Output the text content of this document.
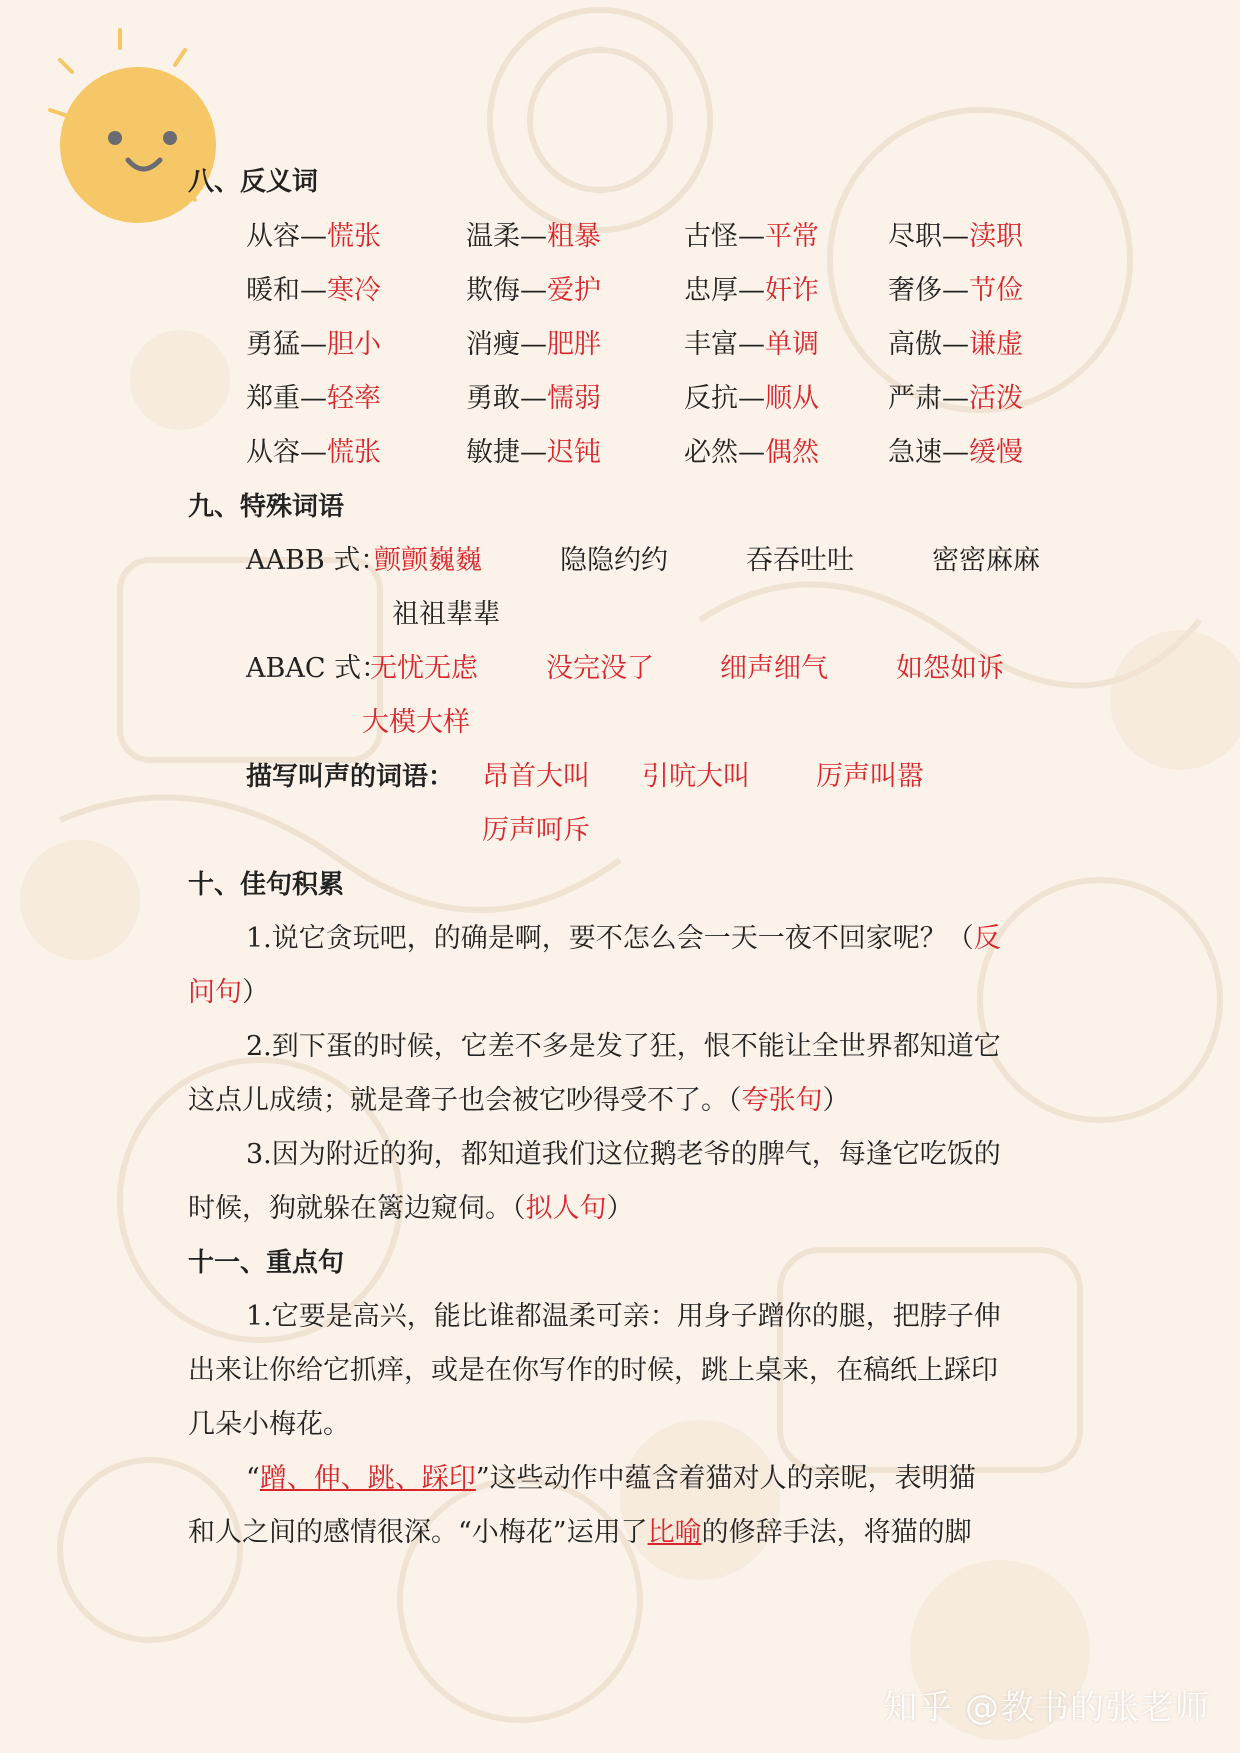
八、反义词
从容—慌张	温柔—粗暴	古怪—平常	尽职—渎职
暖和—寒冷	欺侮—爱护	忠厚—奸诈	奢侈—节俭
勇猛—胆小	消瘦—肥胖	丰富—单调	高傲—谦虚
郑重—轻率	勇敢—懦弱	反抗—顺从	严肃—活泼
从容—慌张	敏捷—迟钝	必然—偶然	急速—缓慢
九、特殊词语
AABB 式：
颤颤巍巍	隐隐约约	吞吞吐吐	密密麻麻
祖祖辈辈
ABAC 式：
无忧无虑	没完没了 细声细气	如怨如诉
大模大样
描写叫声的词语： 昂首大叫 引吭大叫 厉声叫嚣
厉声呵斥
十、佳句积累
1.说它贪玩吧，的确是啊，要不怎么会一天一夜不回家呢？（反
问句）
2.到下蛋的时候，它差不多是发了狂，恨不能让全世界都知道它
这点儿成绩；就是聋子也会被它吵得受不了。（夸张句）
3.因为附近的狗，都知道我们这位鹅老爷的脾气，每逢它吃饭的
时候，狗就躲在篱边窥伺。（拟人句）
十一、重点句
1.它要是高兴，能比谁都温柔可亲：用身子蹭你的腿，把脖子伸
出来让你给它抓痒，或是在你写作的时候，跳上桌来，在稿纸上踩印
几朵小梅花。
“蹭、伸、跳、踩印”这些动作中蕴含着猫对人的亲昵，表明猫
和人之间的感情很深。“小梅花”运用了比喻的修辞手法，将猫的脚
知乎 @教书的张老师
